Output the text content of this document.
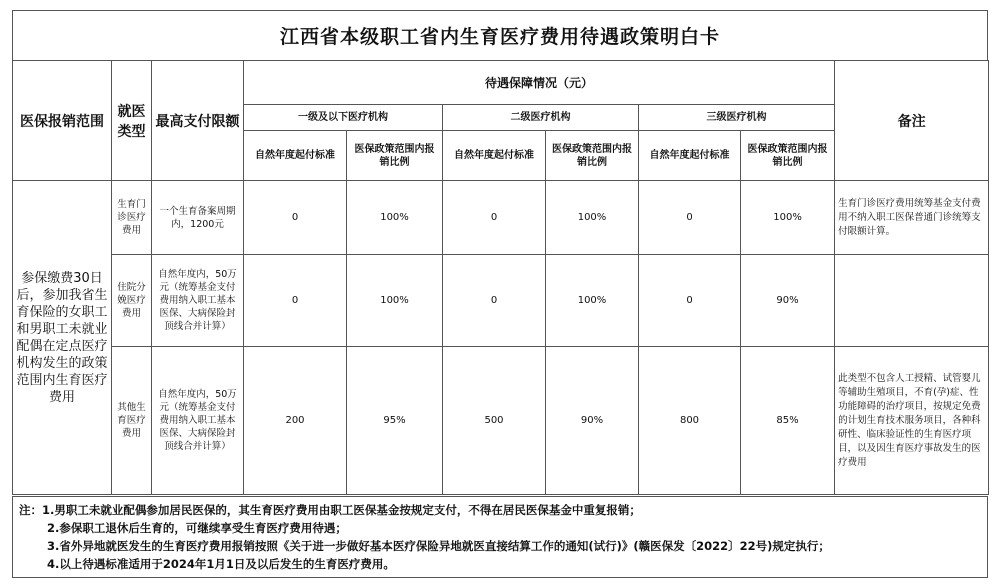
江西省本级职工省内生育医疗费用待遇政策明白卡
医保报销范围	就医类型	最高支付限额	待遇保障情况（元）						备注
			一级及以下医疗机构		二级医疗机构		三级医疗机构		
			自然年度起付标准	医保政策范围内报销比例	自然年度起付标准	医保政策范围内报销比例	自然年度起付标准	医保政策范围内报销比例	
参保缴费30日后，参加我省生育保险的女职工和男职工未就业配偶在定点医疗机构发生的政策范围内生育医疗费用	生育门诊医疗费用	一个生育备案周期内，1200元	0	100%	0	100%	0	100%	生育门诊医疗费用统筹基金支付费用不纳入职工医保普通门诊统筹支付限额计算。
	住院分娩医疗费用	自然年度内，50万元（统筹基金支付费用纳入职工基本医保、大病保险封顶线合并计算）	0	100%	0	100%	0	90%	
	其他生育医疗费用	自然年度内，50万元（统筹基金支付费用纳入职工基本医保、大病保险封顶线合并计算）	200	95%	500	90%	800	85%	此类型不包含人工授精、试管婴儿等辅助生殖项目，不育(孕)症、性功能障碍的治疗项目，按规定免费的计划生育技术服务项目，各种科研性、临床验证性的生育医疗项目，以及因生育医疗事故发生的医疗费用
注：1.男职工未就业配偶参加居民医保的，其生育医疗费用由职工医保基金按规定支付，不得在居民医保基金中重复报销；
2.参保职工退休后生育的，可继续享受生育医疗费用待遇；
3.省外异地就医发生的生育医疗费用报销按照《关于进一步做好基本医疗保险异地就医直接结算工作的通知(试行)》(赣医保发〔2022〕22号)规定执行；
4.以上待遇标准适用于2024年1月1日及以后发生的生育医疗费用。
